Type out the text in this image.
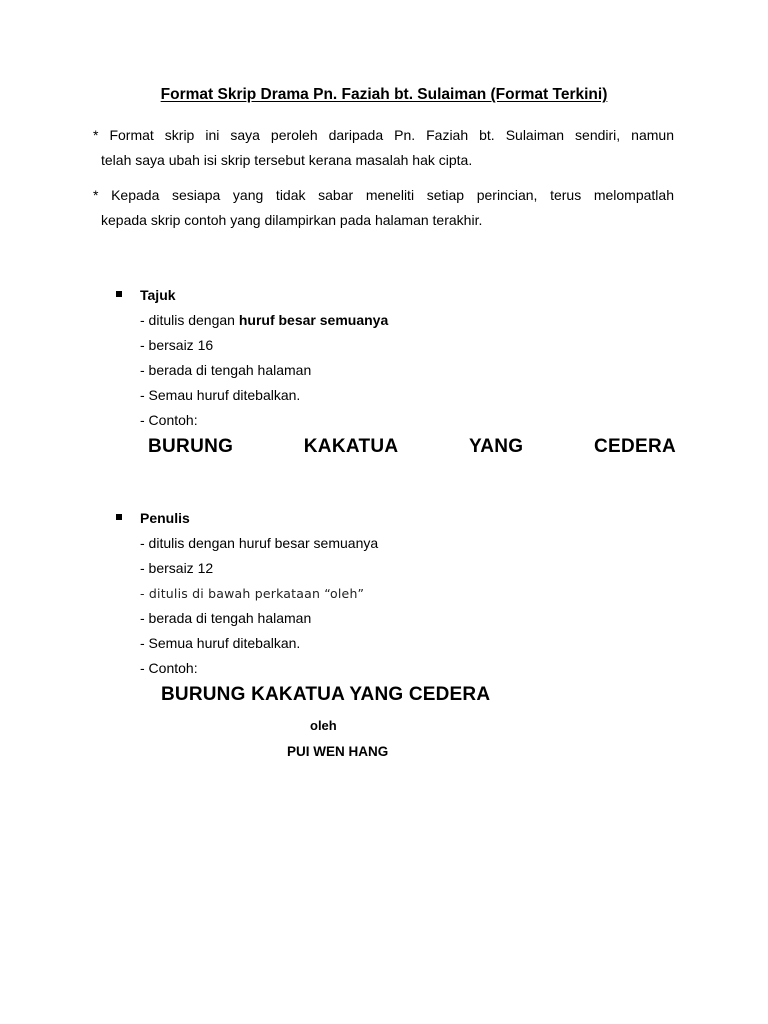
Format Skrip Drama Pn. Faziah bt. Sulaiman (Format Terkini)
* Format skrip ini saya peroleh daripada Pn. Faziah bt. Sulaiman sendiri, namun
telah saya ubah isi skrip tersebut kerana masalah hak cipta.
* Kepada sesiapa yang tidak sabar meneliti setiap perincian, terus melompatlah
kepada skrip contoh yang dilampirkan pada halaman terakhir.
Tajuk
- ditulis dengan huruf besar semuanya
- bersaiz 16
- berada di tengah halaman
- Semau huruf ditebalkan.
- Contoh:
BURUNG	KAKATUA	YANG	CEDERA
Penulis
- ditulis dengan huruf besar semuanya
- bersaiz 12
- ditulis di bawah perkataan “oleh”
- berada di tengah halaman
- Semua huruf ditebalkan.
- Contoh:
BURUNG KAKATUA YANG CEDERA
oleh
PUI WEN HANG
